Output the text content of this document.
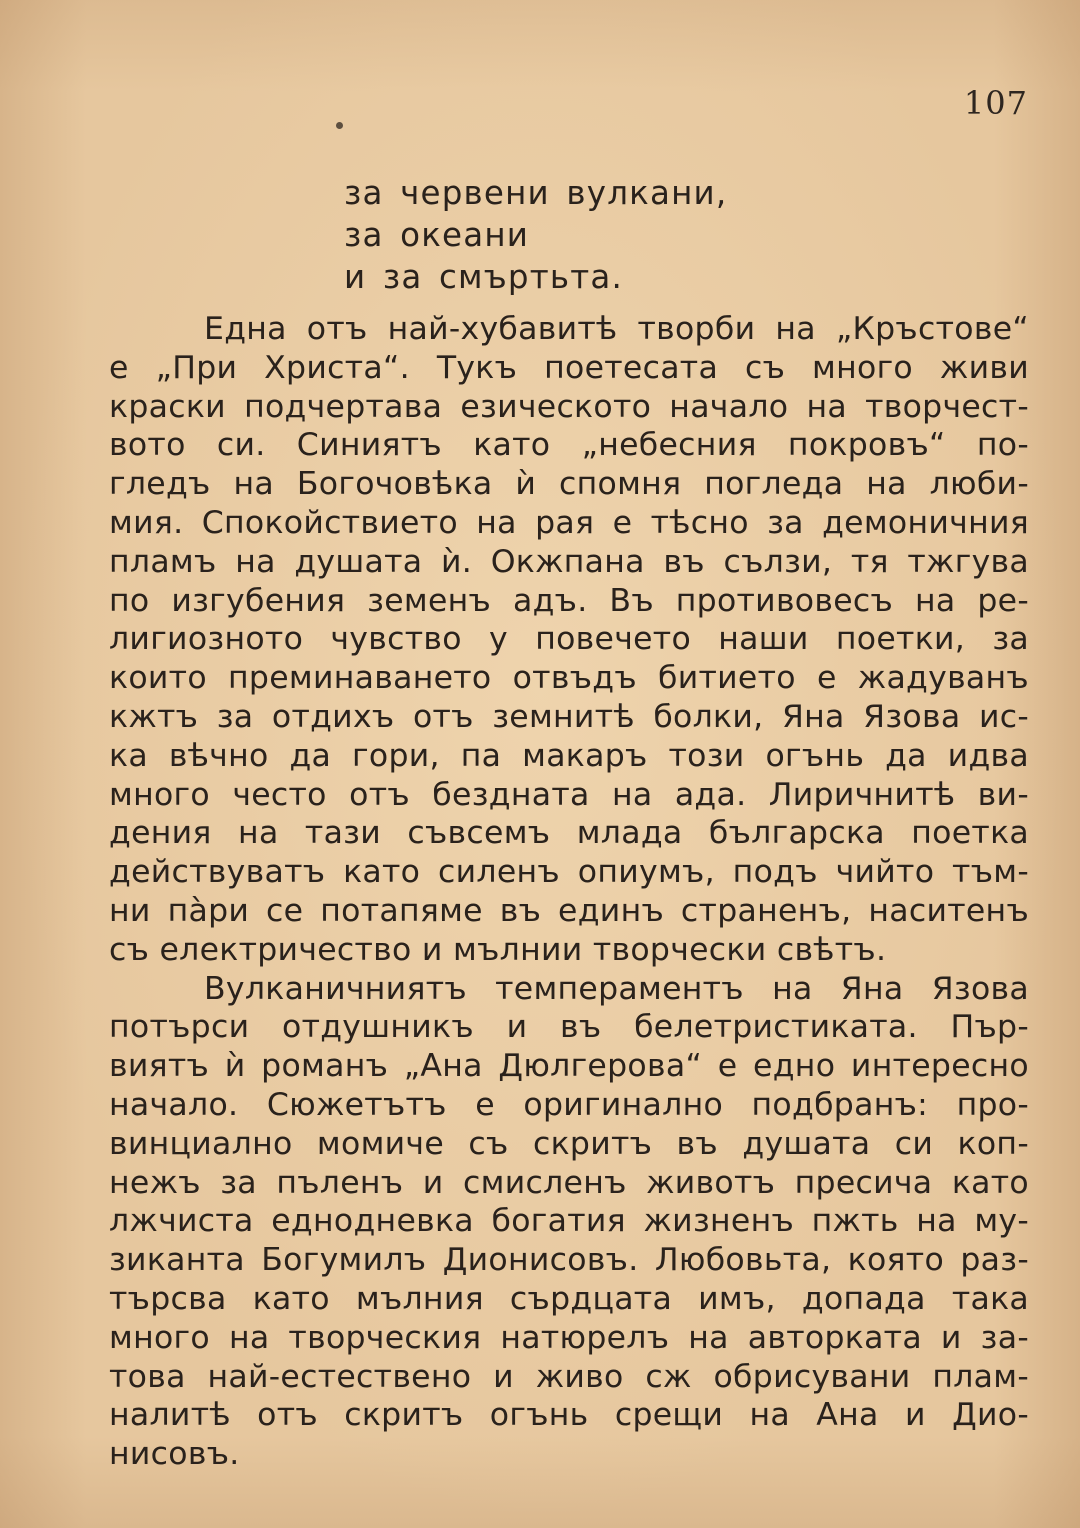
107
за червени вулкани,
за океани
и за смъртьта.
Една отъ най-хубавитѣ творби на „Кръстове“
е „При Христа“. Тукъ поетесата съ много живи
краски подчертава езическото начало на творчест-
вото си. Синиятъ като „небесния покровъ“ по-
гледъ на Богочовѣка ѝ спомня погледа на люби-
мия. Спокойствието на рая е тѣсно за демоничния
пламъ на душата ѝ. Окжпана въ сълзи, тя тжгува
по изгубения земенъ адъ. Въ противовесъ на ре-
лигиозното чувство у повечето наши поетки, за
които преминаването отвъдъ битието е жадуванъ
кжтъ за отдихъ отъ земнитѣ болки, Яна Язова ис-
ка вѣчно да гори, па макаръ този огънь да идва
много често отъ бездната на ада. Лиричнитѣ ви-
дения на тази съвсемъ млада българска поетка
действуватъ като силенъ опиумъ, подъ чийто тъм-
ни пàри се потапяме въ единъ страненъ, наситенъ
съ електричество и мълнии творчески свѣтъ.
Вулканичниятъ темпераментъ на Яна Язова
потърси отдушникъ и въ белетристиката. Пър-
виятъ ѝ романъ „Ана Дюлгерова“ е едно интересно
начало. Сюжетътъ е оригинално подбранъ: про-
винциално момиче съ скритъ въ душата си коп-
нежъ за пъленъ и смисленъ животъ пресича като
лжчиста еднодневка богатия жизненъ пжть на му-
зиканта Богумилъ Дионисовъ. Любовьта, която раз-
търсва като мълния сърдцата имъ, допада така
много на творческия натюрелъ на авторката и за-
това най-естествено и живо сж обрисувани плам-
налитѣ отъ скритъ огънь срещи на Ана и Дио-
нисовъ.
